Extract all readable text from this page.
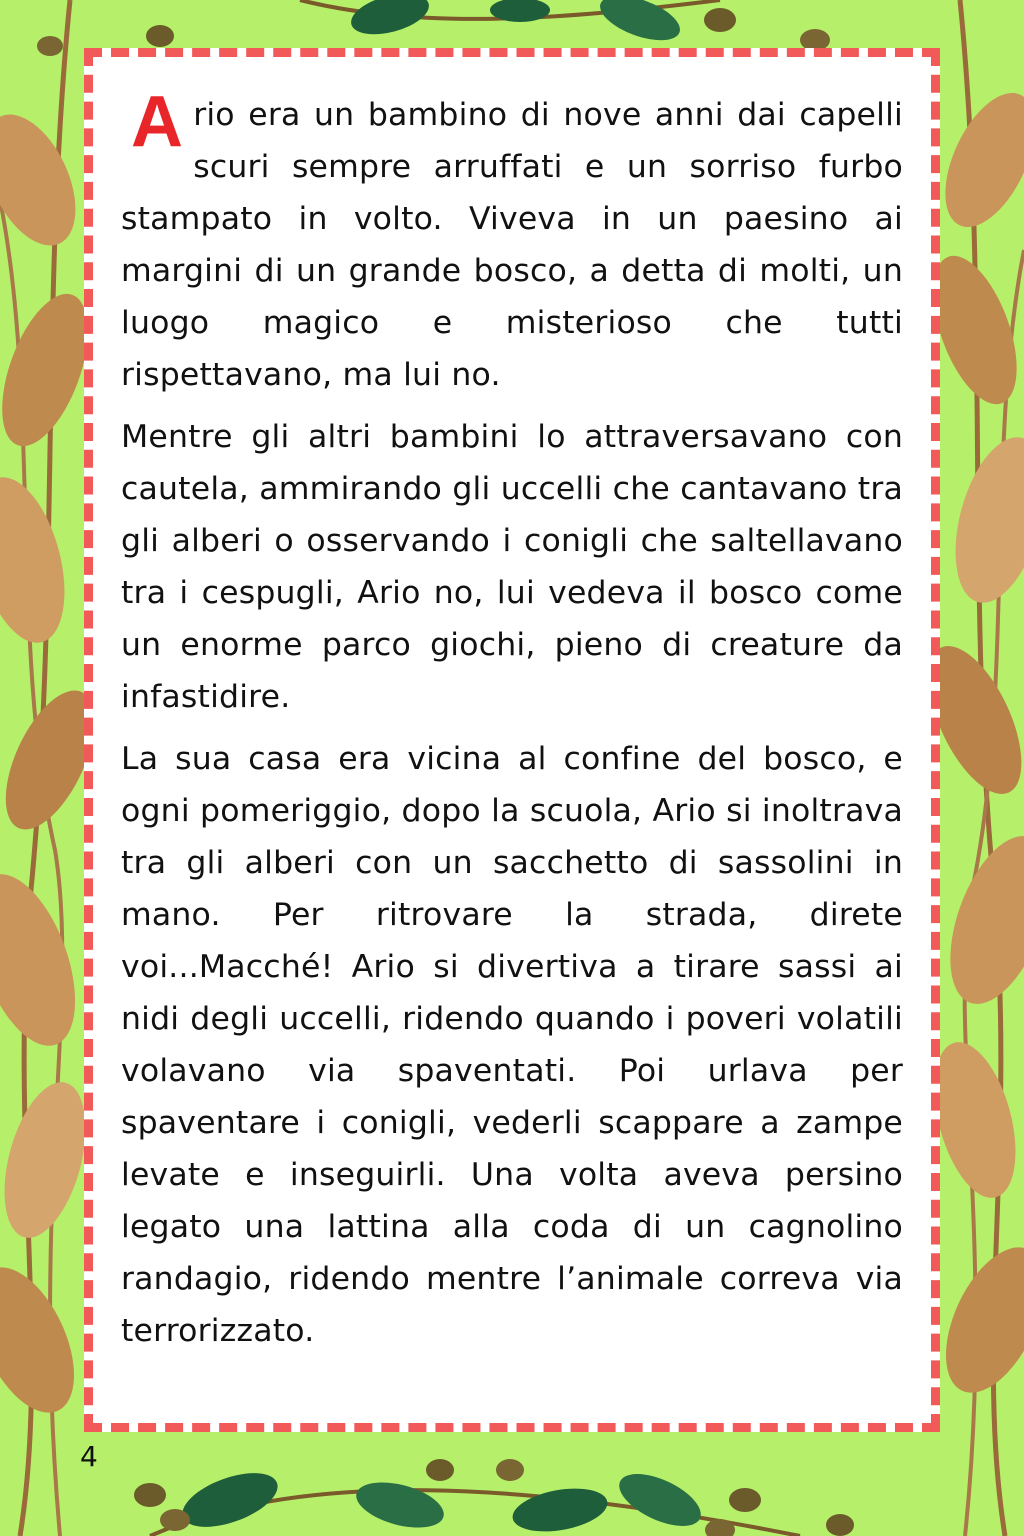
Ario era un bambino di nove anni dai capelli scuri sempre arruffati e un sorriso furbo stampato in volto. Viveva in un paesino ai margini di un grande bosco, a detta di molti, un luogo magico e misterioso che tutti rispettavano, ma lui no.

Mentre gli altri bambini lo attraversavano con cautela, ammirando gli uccelli che cantavano tra gli alberi o osservando i conigli che saltellavano tra i cespugli, Ario no, lui vedeva il bosco come un enorme parco giochi, pieno di creature da infastidire.

La sua casa era vicina al confine del bosco, e ogni pomeriggio, dopo la scuola, Ario si inoltrava tra gli alberi con un sacchetto di sassolini in mano. Per ritrovare la strada, direte voi...Macché! Ario si divertiva a tirare sassi ai nidi degli uccelli, ridendo quando i poveri volatili volavano via spaventati. Poi urlava per spaventare i conigli, vederli scappare a zampe levate e inseguirli. Una volta aveva persino legato una lattina alla coda di un cagnolino randagio, ridendo mentre l’animale correva via terrorizzato.

4
